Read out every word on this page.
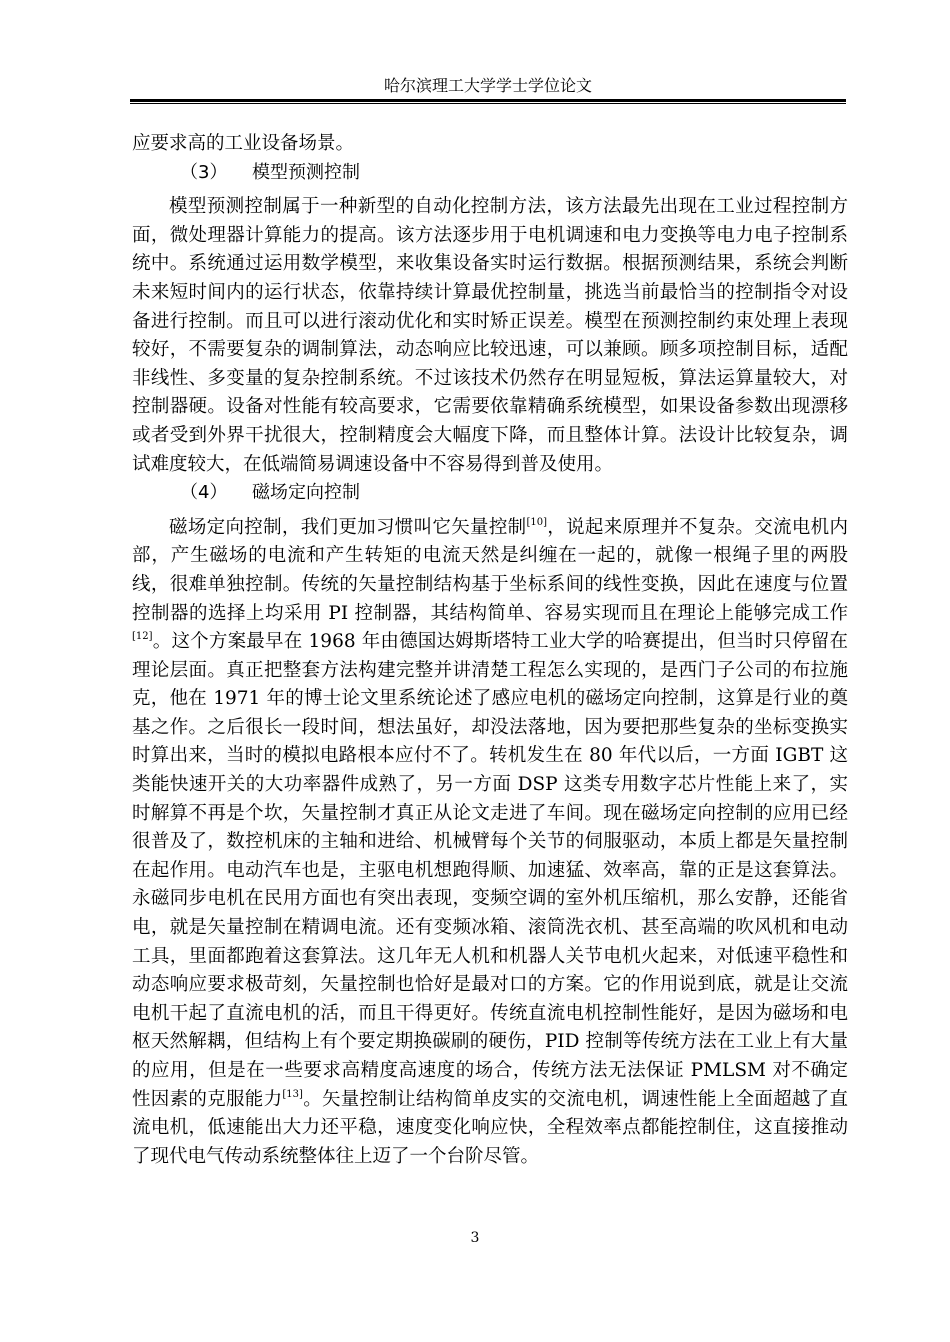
哈尔滨理工大学学士学位论文

应要求高的工业设备场景。

（3） 模型预测控制

模型预测控制属于一种新型的自动化控制方法，该方法最先出现在工业过程控制方面，微处理器计算能力的提高。该方法逐步用于电机调速和电力变换等电力电子控制系统中。系统通过运用数学模型，来收集设备实时运行数据。根据预测结果，系统会判断未来短时间内的运行状态，依靠持续计算最优控制量，挑选当前最恰当的控制指令对设备进行控制。而且可以进行滚动优化和实时矫正误差。模型在预测控制约束处理上表现较好，不需要复杂的调制算法，动态响应比较迅速，可以兼顾。顾多项控制目标，适配非线性、多变量的复杂控制系统。不过该技术仍然存在明显短板，算法运算量较大，对控制器硬。设备对性能有较高要求，它需要依靠精确系统模型，如果设备参数出现漂移或者受到外界干扰很大，控制精度会大幅度下降，而且整体计算。法设计比较复杂，调试难度较大，在低端简易调速设备中不容易得到普及使用。

（4） 磁场定向控制

磁场定向控制，我们更加习惯叫它矢量控制[10]，说起来原理并不复杂。交流电机内部，产生磁场的电流和产生转矩的电流天然是纠缠在一起的，就像一根绳子里的两股线，很难单独控制。传统的矢量控制结构基于坐标系间的线性变换，因此在速度与位置控制器的选择上均采用 PI 控制器，其结构简单、容易实现而且在理论上能够完成工作[12]。这个方案最早在 1968 年由德国达姆斯塔特工业大学的哈赛提出，但当时只停留在理论层面。真正把整套方法构建完整并讲清楚工程怎么实现的，是西门子公司的布拉施克，他在 1971 年的博士论文里系统论述了感应电机的磁场定向控制，这算是行业的奠基之作。之后很长一段时间，想法虽好，却没法落地，因为要把那些复杂的坐标变换实时算出来，当时的模拟电路根本应付不了。转机发生在 80 年代以后，一方面 IGBT 这类能快速开关的大功率器件成熟了，另一方面 DSP 这类专用数字芯片性能上来了，实时解算不再是个坎，矢量控制才真正从论文走进了车间。现在磁场定向控制的应用已经很普及了，数控机床的主轴和进给、机械臂每个关节的伺服驱动，本质上都是矢量控制在起作用。电动汽车也是，主驱电机想跑得顺、加速猛、效率高，靠的正是这套算法。永磁同步电机在民用方面也有突出表现，变频空调的室外机压缩机，那么安静，还能省电，就是矢量控制在精调电流。还有变频冰箱、滚筒洗衣机、甚至高端的吹风机和电动工具，里面都跑着这套算法。这几年无人机和机器人关节电机火起来，对低速平稳性和动态响应要求极苛刻，矢量控制也恰好是最对口的方案。它的作用说到底，就是让交流电机干起了直流电机的活，而且干得更好。传统直流电机控制性能好，是因为磁场和电枢天然解耦，但结构上有个要定期换碳刷的硬伤，PID 控制等传统方法在工业上有大量的应用，但是在一些要求高精度高速度的场合，传统方法无法保证 PMLSM 对不确定性因素的克服能力[13]。矢量控制让结构简单皮实的交流电机，调速性能上全面超越了直流电机，低速能出大力还平稳，速度变化响应快，全程效率点都能控制住，这直接推动了现代电气传动系统整体往上迈了一个台阶尽管。

3
